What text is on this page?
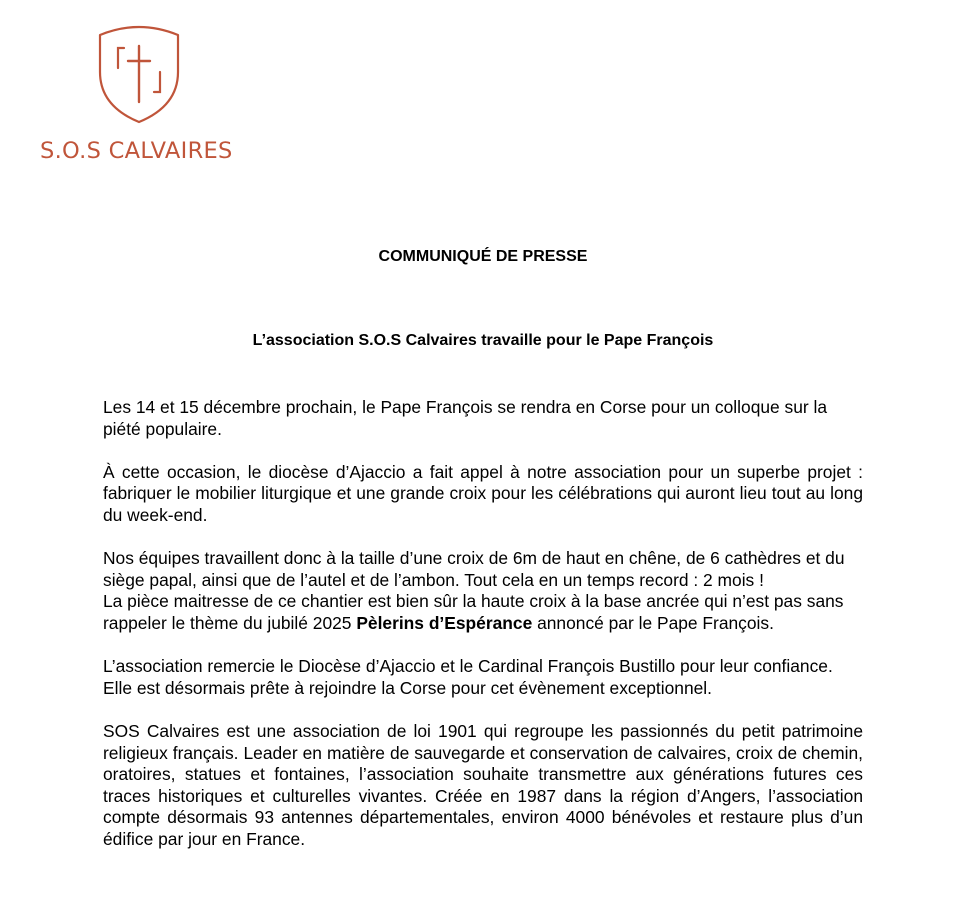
S.O.S CALVAIRES
COMMUNIQUÉ DE PRESSE
L’association S.O.S Calvaires travaille pour le Pape François

Les 14 et 15 décembre prochain, le Pape François se rendra en Corse pour un colloque sur la piété populaire.

À cette occasion, le diocèse d’Ajaccio a fait appel à notre association pour un superbe projet : fabriquer le mobilier liturgique et une grande croix pour les célébrations qui auront lieu tout au long du week-end.

Nos équipes travaillent donc à la taille d’une croix de 6m de haut en chêne, de 6 cathèdres et du siège papal, ainsi que de l’autel et de l’ambon. Tout cela en un temps record : 2 mois !
La pièce maitresse de ce chantier est bien sûr la haute croix à la base ancrée qui n’est pas sans rappeler le thème du jubilé 2025 Pèlerins d’Espérance annoncé par le Pape François.

L’association remercie le Diocèse d’Ajaccio et le Cardinal François Bustillo pour leur confiance. Elle est désormais prête à rejoindre la Corse pour cet évènement exceptionnel.

SOS Calvaires est une association de loi 1901 qui regroupe les passionnés du petit patrimoine religieux français. Leader en matière de sauvegarde et conservation de calvaires, croix de chemin, oratoires, statues et fontaines, l’association souhaite transmettre aux générations futures ces traces historiques et culturelles vivantes. Créée en 1987 dans la région d’Angers, l’association compte désormais 93 antennes départementales, environ 4000 bénévoles et restaure plus d’un édifice par jour en France.
